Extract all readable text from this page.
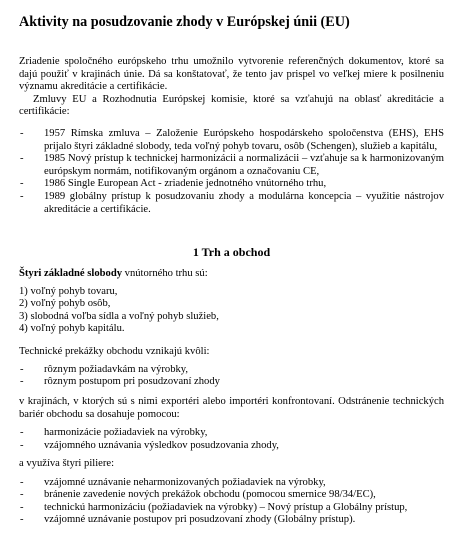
Aktivity na posudzovanie zhody v Európskej únii (EU)

Zriadenie spoločného európskeho trhu umožnilo vytvorenie referenčných dokumentov, ktoré sa dajú použiť v krajinách únie. Dá sa konštatovať, že tento jav prispel vo veľkej miere k posilneniu významu akreditácie a certifikácie.

Zmluvy EU a Rozhodnutia Európskej komisie, ktoré sa vzťahujú na oblasť akreditácie a certifikácie:

- 1957 Rímska zmluva – Založenie Európskeho hospodárskeho spoločenstva (EHS), EHS prijalo štyri základné slobody, teda voľný pohyb tovaru, osôb (Schengen), služieb a kapitálu,
- 1985 Nový prístup k technickej harmonizácii a normalizácii – vzťahuje sa k harmonizovaným európskym normám, notifikovaným orgánom a označovaniu CE,
- 1986 Single European Act - zriadenie jednotného vnútorného trhu,
- 1989 globálny prístup k posudzovaniu zhody a modulárna koncepcia – využitie nástrojov akreditácie a certifikácie.
1 Trh a obchod

Štyri základné slobody vnútorného trhu sú:

1) voľný pohyb tovaru,
2) voľný pohyb osôb,
3) slobodná voľba sídla a voľný pohyb služieb,
4) voľný pohyb kapitálu.

Technické prekážky obchodu vznikajú kvôli:

- rôznym požiadavkám na výrobky,
- rôznym postupom pri posudzovaní zhody

v krajinách, v ktorých sú s nimi exportéri alebo importéri konfrontovaní. Odstránenie technických bariér obchodu sa dosahuje pomocou:

- harmonizácie požiadaviek na výrobky,
- vzájomného uznávania výsledkov posudzovania zhody,

a využíva štyri piliere:

- vzájomné uznávanie neharmonizovaných požiadaviek na výrobky,
- bránenie zavedenie nových prekážok obchodu (pomocou smernice 98/34/EC),
- technickú harmonizáciu (požiadaviek na výrobky) – Nový prístup a Globálny prístup,
- vzájomné uznávanie postupov pri posudzovaní zhody (Globálny prístup).
